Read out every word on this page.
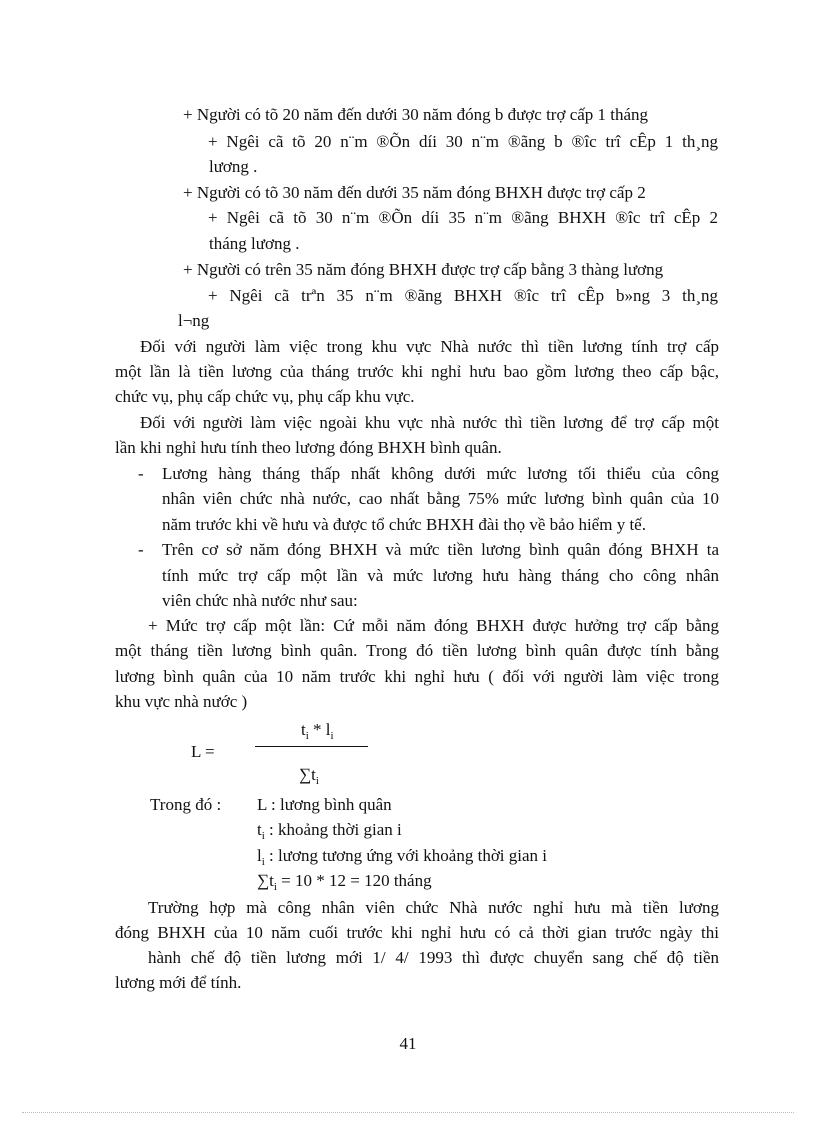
+ Người có tõ 20 năm đến dưới 30 năm đóng b được trợ cấp 1 tháng
+ Ngêi cã tõ 20 n¨m ®Õn díi 30 n¨m ®ãng b ®îc trî cÊp 1 th¸ng
lương .
+ Người có tõ 30 năm đến dưới 35 năm đóng BHXH được trợ cấp 2
+ Ngêi cã tõ 30 n¨m ®Õn díi 35 n¨m ®ãng BHXH ®îc trî cÊp 2
tháng lương .
+ Người có trên 35 năm đóng BHXH được trợ cấp bằng 3 thàng lương
+ Ngêi cã trªn 35 n¨m ®ãng BHXH ®îc trî cÊp b»ng 3 th¸ng
l¬ng
Đối với người làm việc trong khu vực Nhà nước thì tiền lương tính trợ cấp
một lần là tiền lương của tháng trước khi nghỉ hưu bao gồm lương theo cấp bậc,
chức vụ, phụ cấp chức vụ, phụ cấp khu vực.
Đối với người làm việc ngoài khu vực nhà nước thì tiền lương để trợ cấp một
lần khi nghỉ hưu tính theo lương đóng BHXH bình quân.
- Lương hàng tháng thấp nhất không dưới mức lương tối thiểu của công
nhân viên chức nhà nước, cao nhất bằng 75% mức lương bình quân của 10
năm trước khi về hưu và được tổ chức BHXH đài thọ về bảo hiểm y tế.
- Trên cơ sở năm đóng BHXH và mức tiền lương bình quân đóng BHXH ta
tính mức trợ cấp một lần và mức lương hưu hàng tháng cho công nhân
viên chức nhà nước như sau:
+ Mức trợ cấp một lần: Cứ mỗi năm đóng BHXH được hưởng trợ cấp bằng
một tháng tiền lương bình quân. Trong đó tiền lương bình quân được tính bằng
lương bình quân của 10 năm trước khi nghỉ hưu ( đối với người làm việc trong
khu vực nhà nước )
$t_i * l_i$
L =
$\sum t_i$
Trong đó : L : lương bình quân
$t_i$ : khoảng thời gian i
$l_i$ : lương tương ứng với khoảng thời gian i
$\sum t_i = 10 * 12 = 120$ tháng
Trường hợp mà công nhân viên chức Nhà nước nghỉ hưu mà tiền lương
đóng BHXH của 10 năm cuối trước khi nghỉ hưu có cả thời gian trước ngày thi
hành chế độ tiền lương mới 1/ 4/ 1993 thì được chuyển sang chế độ tiền
lương mới để tính.
41
